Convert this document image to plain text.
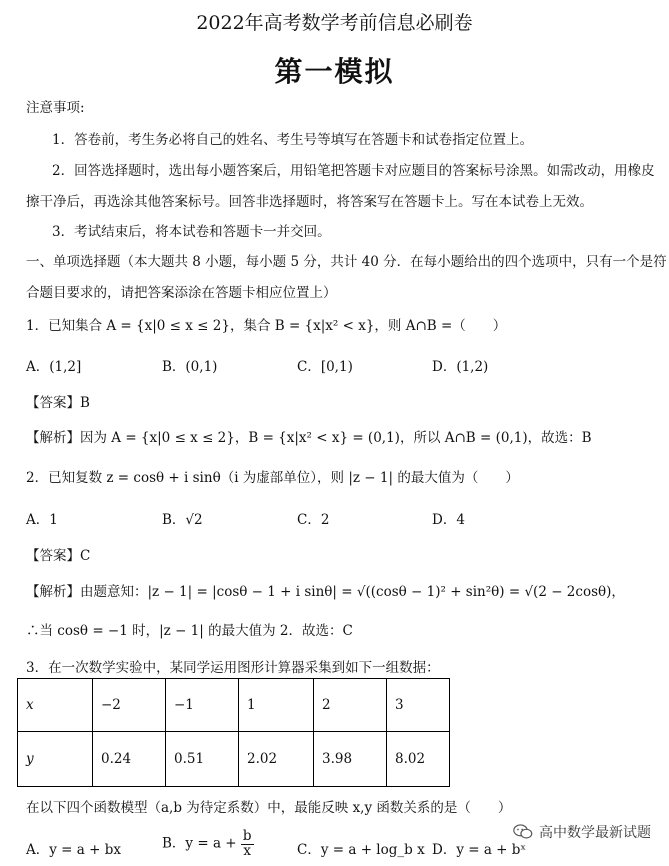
2022年高考数学考前信息必刷卷
第一模拟
注意事项:
1．答卷前，考生务必将自己的姓名、考生号等填写在答题卡和试卷指定位置上。
2．回答选择题时，选出每小题答案后，用铅笔把答题卡对应题目的答案标号涂黑。如需改动，用橡皮
擦干净后，再选涂其他答案标号。回答非选择题时，将答案写在答题卡上。写在本试卷上无效。
3．考试结束后，将本试卷和答题卡一并交回。
一、单项选择题（本大题共 8 小题，每小题 5 分，共计 40 分．在每小题给出的四个选项中，只有一个是符
合题目要求的，请把答案添涂在答题卡相应位置上）
1．已知集合 A = {x|0 ≤ x ≤ 2}，集合 B = {x|x² < x}，则 A∩B =（　　）
A．(1,2]	B．(0,1)	C．[0,1)	D．(1,2)
【答案】B
【解析】因为 A = {x|0 ≤ x ≤ 2}，B = {x|x² < x} = (0,1)，所以 A∩B = (0,1)，故选：B
2．已知复数 z = cosθ + i sinθ（i 为虚部单位），则 |z − 1| 的最大值为（　　）
A．1	B．√2	C．2	D．4
【答案】C
【解析】由题意知：|z − 1| = |cosθ − 1 + i sinθ| = √((cosθ − 1)² + sin²θ) = √(2 − 2cosθ)，
∴当 cosθ = −1 时，|z − 1| 的最大值为 2．故选：C
3．在一次数学实验中，某同学运用图形计算器采集到如下一组数据：
x	−2	−1	1	2	3
y	0.24	0.51	2.02	3.98	8.02
在以下四个函数模型（a,b 为待定系数）中，最能反映 x,y 函数关系的是（　　）
A．y = a + bx	B．$y = a + \frac{b}{x}$	C．y = a + log_b x D．y = a + bˣ
高中数学最新试题
